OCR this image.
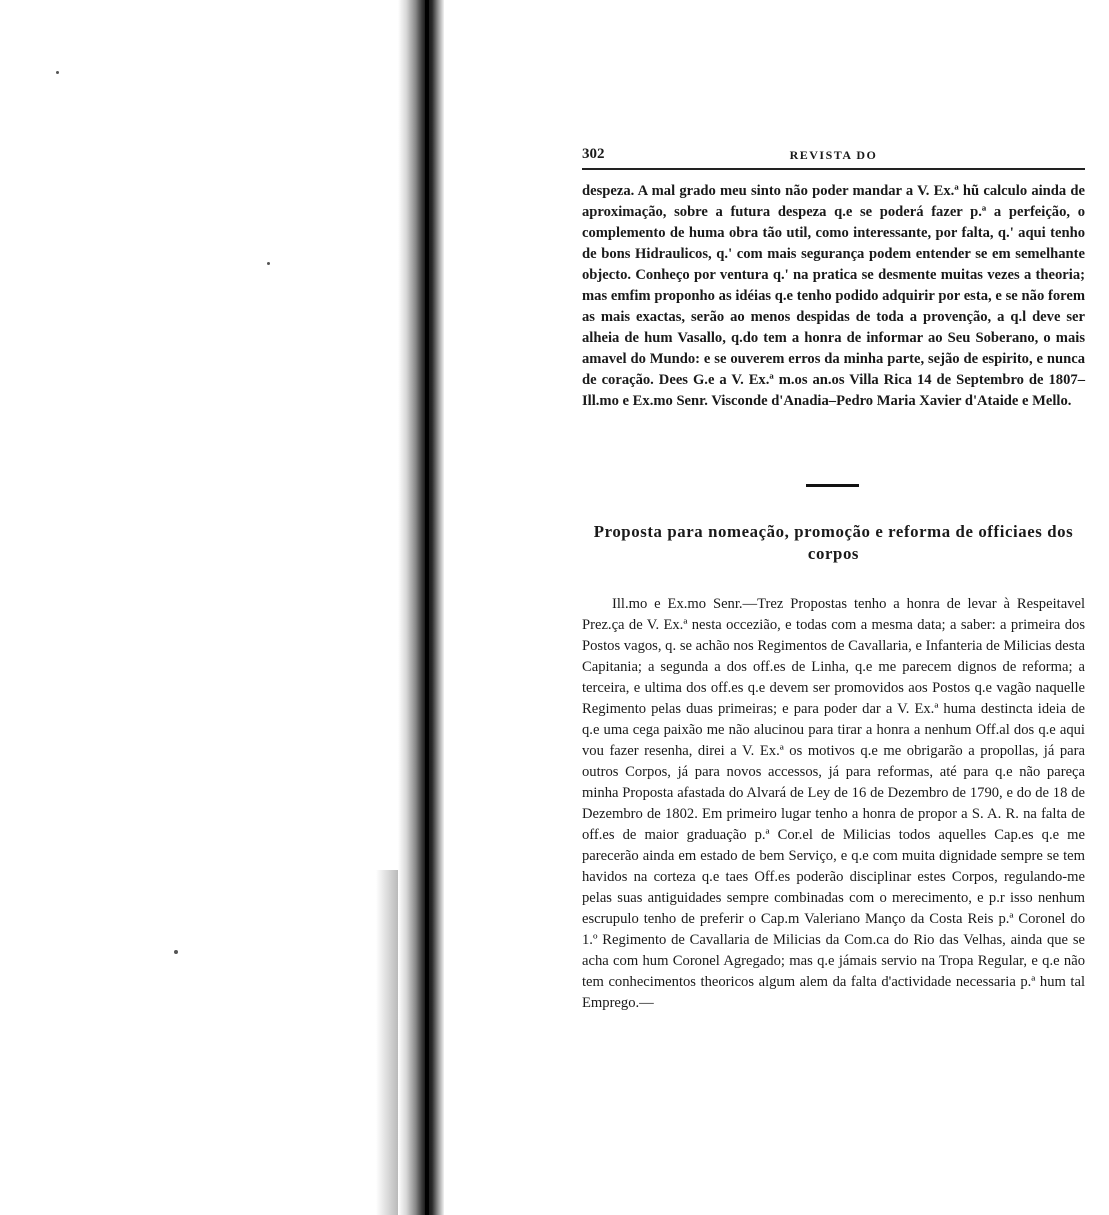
302	REVISTA DO

despeza. A mal grado meu sinto não poder mandar a V. Ex.ª hũ calculo ainda de aproximação, sobre a futura despeza q.e se poderá fazer p.ª a perfeição, o complemento de huma obra tão util, como interessante, por falta, q.' aqui tenho de bons Hidraulicos, q.' com mais segurança podem entender se em semelhante objecto. Conheço por ventura q.' na pratica se desmente muitas vezes a theoria; mas emfim proponho as idéias q.e tenho podido adquirir por esta, e se não forem as mais exactas, serão ao menos despidas de toda a provenção, a q.l deve ser alheia de hum Vasallo, q.do tem a honra de informar ao Seu Soberano, o mais amavel do Mundo: e se ouverem erros da minha parte, sejão de espirito, e nunca de coração. Dees G.e a V. Ex.ª m.os an.os Villa Rica 14 de Septembro de 1807– Ill.mo e Ex.mo Senr. Visconde d'Anadia–Pedro Maria Xavier d'Ataide e Mello.

Proposta para nomeação, promoção e reforma de officiaes dos corpos

Ill.mo e Ex.mo Senr.—Trez Propostas tenho a honra de levar à Respeitavel Prez.ça de V. Ex.ª nesta occezião, e todas com a mesma data; a saber: a primeira dos Postos vagos, q. se achão nos Regimentos de Cavallaria, e Infanteria de Milicias desta Capitania; a segunda a dos off.es de Linha, q.e me parecem dignos de reforma; a terceira, e ultima dos off.es q.e devem ser promovidos aos Postos q.e vagão naquelle Regimento pelas duas primeiras; e para poder dar a V. Ex.ª huma destincta ideia de q.e uma cega paixão me não alucinou para tirar a honra a nenhum Off.al dos q.e aqui vou fazer resenha, direi a V. Ex.ª os motivos q.e me obrigarão a propollas, já para outros Corpos, já para novos accessos, já para reformas, até para q.e não pareça minha Proposta afastada do Alvará de Ley de 16 de Dezembro de 1790, e do de 18 de Dezembro de 1802. Em primeiro lugar tenho a honra de propor a S. A. R. na falta de off.es de maior graduação p.ª Cor.el de Milicias todos aquelles Cap.es q.e me parecerão ainda em estado de bem Serviço, e q.e com muita dignidade sempre se tem havidos na corteza q.e taes Off.es poderão disciplinar estes Corpos, regulando-me pelas suas antiguidades sempre combinadas com o merecimento, e p.r isso nenhum escrupulo tenho de preferir o Cap.m Valeriano Manço da Costa Reis p.ª Coronel do 1.º Regimento de Cavallaria de Milicias da Com.ca do Rio das Velhas, ainda que se acha com hum Coronel Agregado; mas q.e jámais servio na Tropa Regular, e q.e não tem conhecimentos theoricos algum alem da falta d'actividade necessaria p.ª hum tal Emprego.—
